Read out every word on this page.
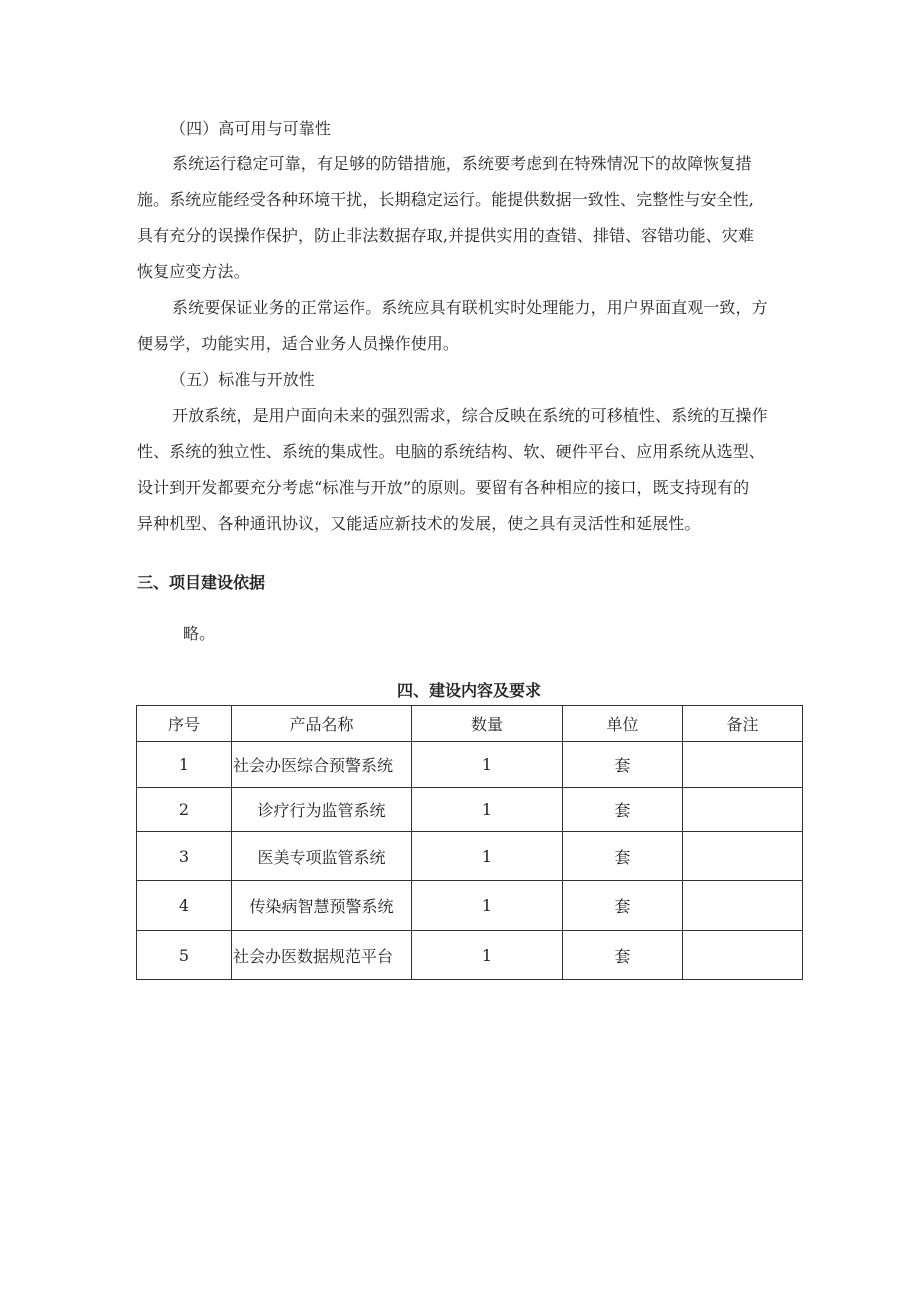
（四）高可用与可靠性
系统运行稳定可靠，有足够的防错措施，系统要考虑到在特殊情况下的故障恢复措
施。系统应能经受各种环境干扰，长期稳定运行。能提供数据一致性、完整性与安全性,
具有充分的误操作保护，防止非法数据存取,并提供实用的查错、排错、容错功能、灾难
恢复应变方法。
系统要保证业务的正常运作。系统应具有联机实时处理能力，用户界面直观一致，方
便易学，功能实用，适合业务人员操作使用。
（五）标准与开放性
开放系统，是用户面向未来的强烈需求，综合反映在系统的可移植性、系统的互操作
性、系统的独立性、系统的集成性。电脑的系统结构、软、硬件平台、应用系统从选型、
设计到开发都要充分考虑“标准与开放”的原则。要留有各种相应的接口，既支持现有的
异种机型、各种通讯协议，又能适应新技术的发展，使之具有灵活性和延展性。
三、项目建设依据
略。
四、建设内容及要求
序号	产品名称	数量	单位	备注
1	社会办医综合预警系统	1	套	
2	诊疗行为监管系统	1	套	
3	医美专项监管系统	1	套	
4	传染病智慧预警系统	1	套	
5	社会办医数据规范平台	1	套	
